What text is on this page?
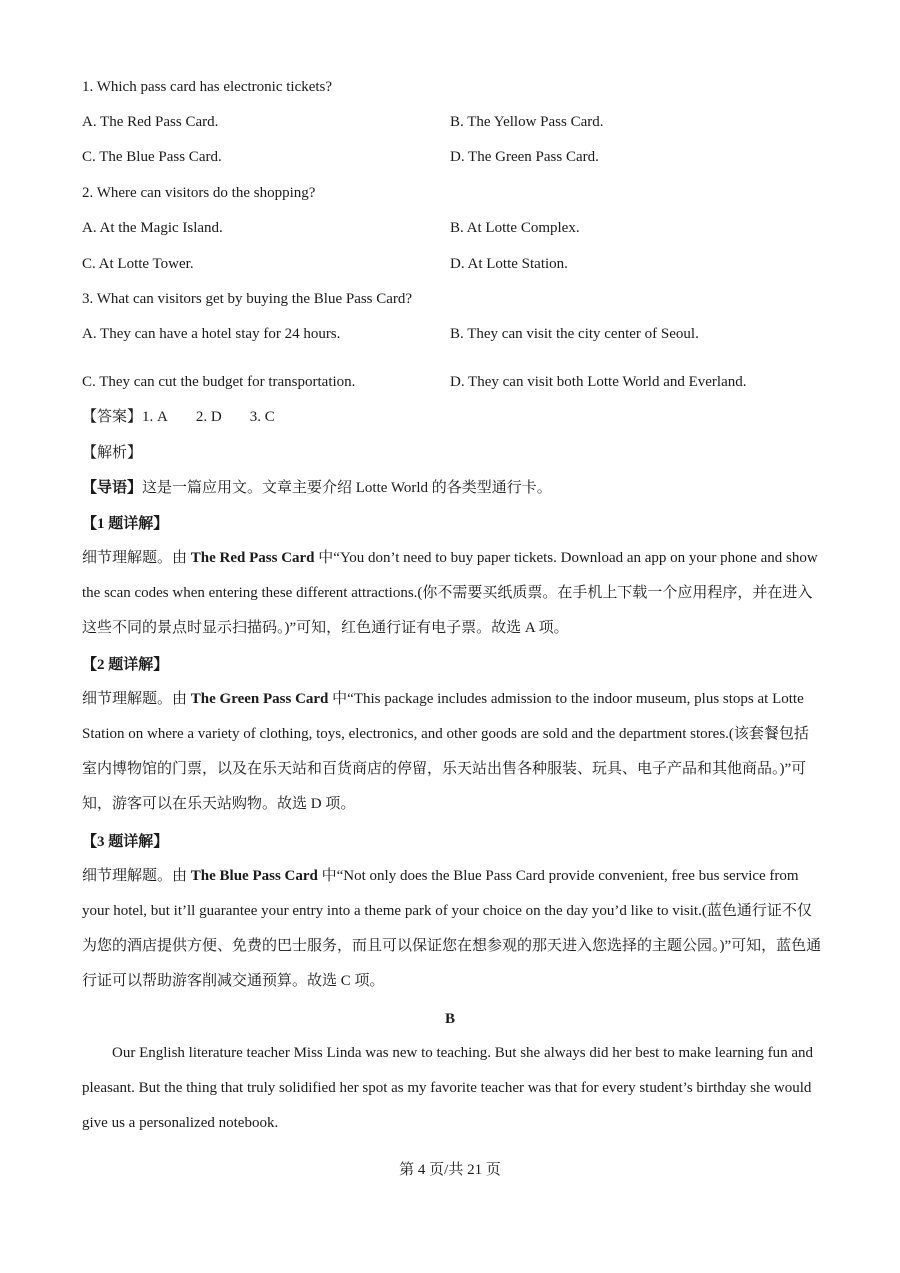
1. Which pass card has electronic tickets?
A. The Red Pass Card.	B. The Yellow Pass Card.
C. The Blue Pass Card.	D. The Green Pass Card.
2. Where can visitors do the shopping?
A. At the Magic Island.	B. At Lotte Complex.
C. At Lotte Tower.	D. At Lotte Station.
3. What can visitors get by buying the Blue Pass Card?
A. They can have a hotel stay for 24 hours.	B. They can visit the city center of Seoul.
C. They can cut the budget for transportation.	D. They can visit both Lotte World and Everland.
【答案】1. A 2. D 3. C
【解析】
【导语】这是一篇应用文。文章主要介绍 Lotte World 的各类型通行卡。
【1 题详解】
细节理解题。由 The Red Pass Card 中“You don’t need to buy paper tickets. Download an app on your phone and show the scan codes when entering these different attractions.(你不需要买纸质票。在手机上下载一个应用程序，并在进入这些不同的景点时显示扫描码。)”可知，红色通行证有电子票。故选 A 项。
【2 题详解】
细节理解题。由 The Green Pass Card 中“This package includes admission to the indoor museum, plus stops at Lotte Station on where a variety of clothing, toys, electronics, and other goods are sold and the department stores.(该套餐包括室内博物馆的门票，以及在乐天站和百货商店的停留，乐天站出售各种服装、玩具、电子产品和其他商品。)”可知，游客可以在乐天站购物。故选 D 项。
【3 题详解】
细节理解题。由 The Blue Pass Card 中“Not only does the Blue Pass Card provide convenient, free bus service from your hotel, but it’ll guarantee your entry into a theme park of your choice on the day you’d like to visit.(蓝色通行证不仅为您的酒店提供方便、免费的巴士服务，而且可以保证您在想参观的那天进入您选择的主题公园。)”可知，蓝色通行证可以帮助游客削减交通预算。故选 C 项。
B
Our English literature teacher Miss Linda was new to teaching. But she always did her best to make learning fun and pleasant. But the thing that truly solidified her spot as my favorite teacher was that for every student’s birthday she would give us a personalized notebook.
第 4 页/共 21 页
